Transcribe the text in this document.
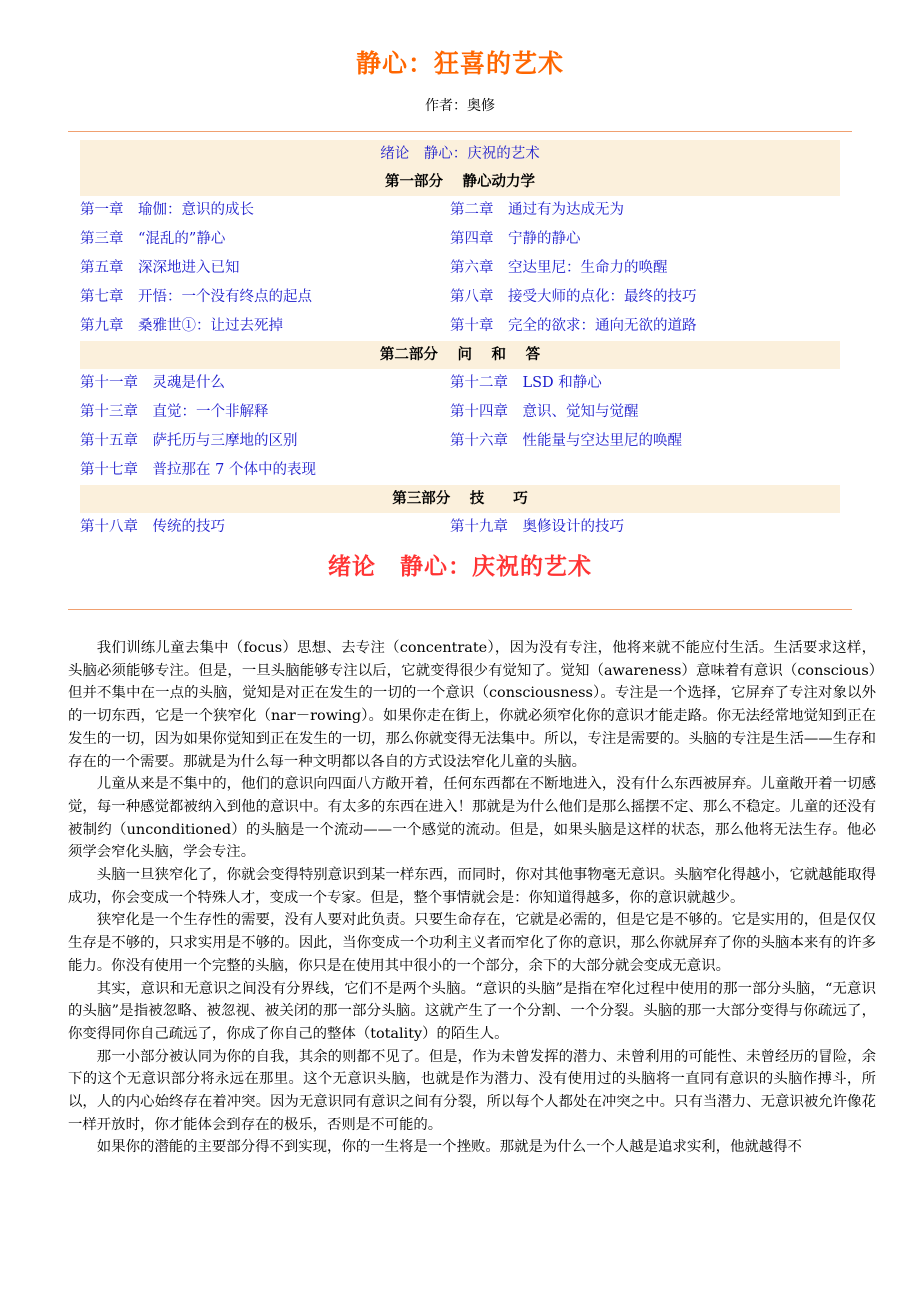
静心：狂喜的艺术
作者：奥修
绪论　静心：庆祝的艺术
第一部分　 静心动力学
第一章　瑜伽：意识的成长	第二章　通过有为达成无为
第三章　“混乱的”静心	第四章　宁静的静心
第五章　深深地进入已知	第六章　空达里尼：生命力的唤醒
第七章　开悟：一个没有终点的起点	第八章　接受大师的点化：最终的技巧
第九章　桑雅世①：让过去死掉	第十章　完全的欲求：通向无欲的道路
第二部分　 问　 和　 答
第十一章　灵魂是什么	第十二章　LSD 和静心
第十三章　直觉：一个非解释	第十四章　意识、觉知与觉醒
第十五章　萨托历与三摩地的区别	第十六章　性能量与空达里尼的唤醒
第十七章　普拉那在 7 个体中的表现
第三部分　 技　　巧
第十八章　传统的技巧	第十九章　奥修设计的技巧
绪论　静心：庆祝的艺术

我们训练儿童去集中（focus）思想、去专注（concentrate），因为没有专注，他将来就不能应付生活。生活要求这样，头脑必须能够专注。但是，一旦头脑能够专注以后，它就变得很少有觉知了。觉知（awareness）意味着有意识（conscious）但并不集中在一点的头脑，觉知是对正在发生的一切的一个意识（consciousness）。专注是一个选择，它屏弃了专注对象以外的一切东西，它是一个狭窄化（nar－rowing）。如果你走在街上，你就必须窄化你的意识才能走路。你无法经常地觉知到正在发生的一切，因为如果你觉知到正在发生的一切，那么你就变得无法集中。所以，专注是需要的。头脑的专注是生活——生存和存在的一个需要。那就是为什么每一种文明都以各自的方式设法窄化儿童的头脑。

儿童从来是不集中的，他们的意识向四面八方敞开着，任何东西都在不断地进入，没有什么东西被屏弃。儿童敞开着一切感觉，每一种感觉都被纳入到他的意识中。有太多的东西在进入！那就是为什么他们是那么摇摆不定、那么不稳定。儿童的还没有被制约（unconditioned）的头脑是一个流动——一个感觉的流动。但是，如果头脑是这样的状态，那么他将无法生存。他必须学会窄化头脑，学会专注。

头脑一旦狭窄化了，你就会变得特别意识到某一样东西，而同时，你对其他事物毫无意识。头脑窄化得越小，它就越能取得成功，你会变成一个特殊人才，变成一个专家。但是，整个事情就会是：你知道得越多，你的意识就越少。

狭窄化是一个生存性的需要，没有人要对此负责。只要生命存在，它就是必需的，但是它是不够的。它是实用的，但是仅仅生存是不够的，只求实用是不够的。因此，当你变成一个功利主义者而窄化了你的意识，那么你就屏弃了你的头脑本来有的许多能力。你没有使用一个完整的头脑，你只是在使用其中很小的一个部分，余下的大部分就会变成无意识。

其实，意识和无意识之间没有分界线，它们不是两个头脑。“意识的头脑”是指在窄化过程中使用的那一部分头脑，“无意识的头脑”是指被忽略、被忽视、被关闭的那一部分头脑。这就产生了一个分割、一个分裂。头脑的那一大部分变得与你疏远了，你变得同你自己疏远了，你成了你自己的整体（totality）的陌生人。

那一小部分被认同为你的自我，其余的则都不见了。但是，作为未曾发挥的潜力、未曾利用的可能性、未曾经历的冒险，余下的这个无意识部分将永远在那里。这个无意识头脑，也就是作为潜力、没有使用过的头脑将一直同有意识的头脑作搏斗，所以，人的内心始终存在着冲突。因为无意识同有意识之间有分裂，所以每个人都处在冲突之中。只有当潜力、无意识被允许像花一样开放时，你才能体会到存在的极乐，否则是不可能的。

如果你的潜能的主要部分得不到实现，你的一生将是一个挫败。那就是为什么一个人越是追求实利，他就越得不
